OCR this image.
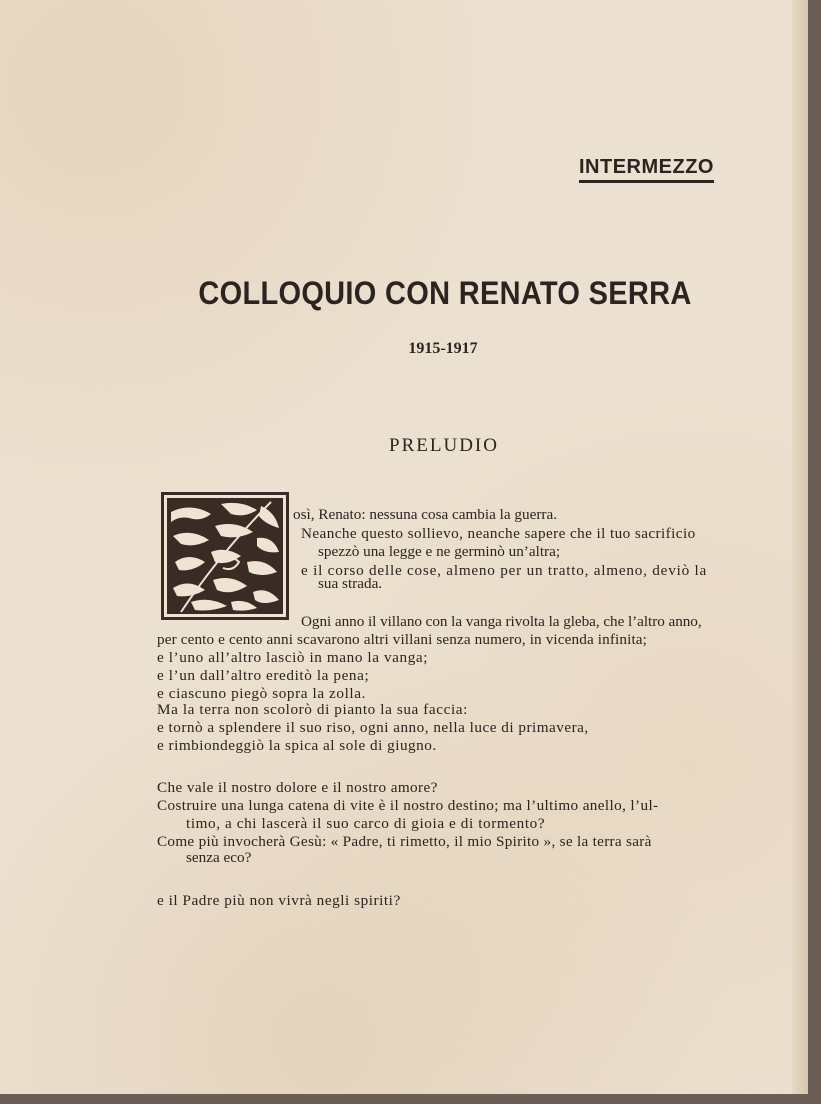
INTERMEZZO
COLLOQUIO CON RENATO SERRA
1915-1917
PRELUDIO
osì, Renato: nessuna cosa cambia la guerra.
Neanche questo sollievo, neanche sapere che il tuo sacrificio
spezzò una legge e ne germinò un’altra;
e il corso delle cose, almeno per un tratto, almeno, deviò la
sua strada.
Ogni anno il villano con la vanga rivolta la gleba, che l’altro anno,
per cento e cento anni scavarono altri villani senza numero, in vicenda infinita;
e l’uno all’altro lasciò in mano la vanga;
e l’un dall’altro ereditò la pena;
e ciascuno piegò sopra la zolla.
Ma la terra non scolorò di pianto la sua faccia:
e tornò a splendere il suo riso, ogni anno, nella luce di primavera,
e rimbiondeggiò la spica al sole di giugno.
Che vale il nostro dolore e il nostro amore?
Costruire una lunga catena di vite è il nostro destino; ma l’ultimo anello, l’ul-
timo, a chi lascerà il suo carco di gioia e di tormento?
Come più invocherà Gesù: « Padre, ti rimetto, il mio Spirito », se la terra sarà
senza eco?
e il Padre più non vivrà negli spiriti?
